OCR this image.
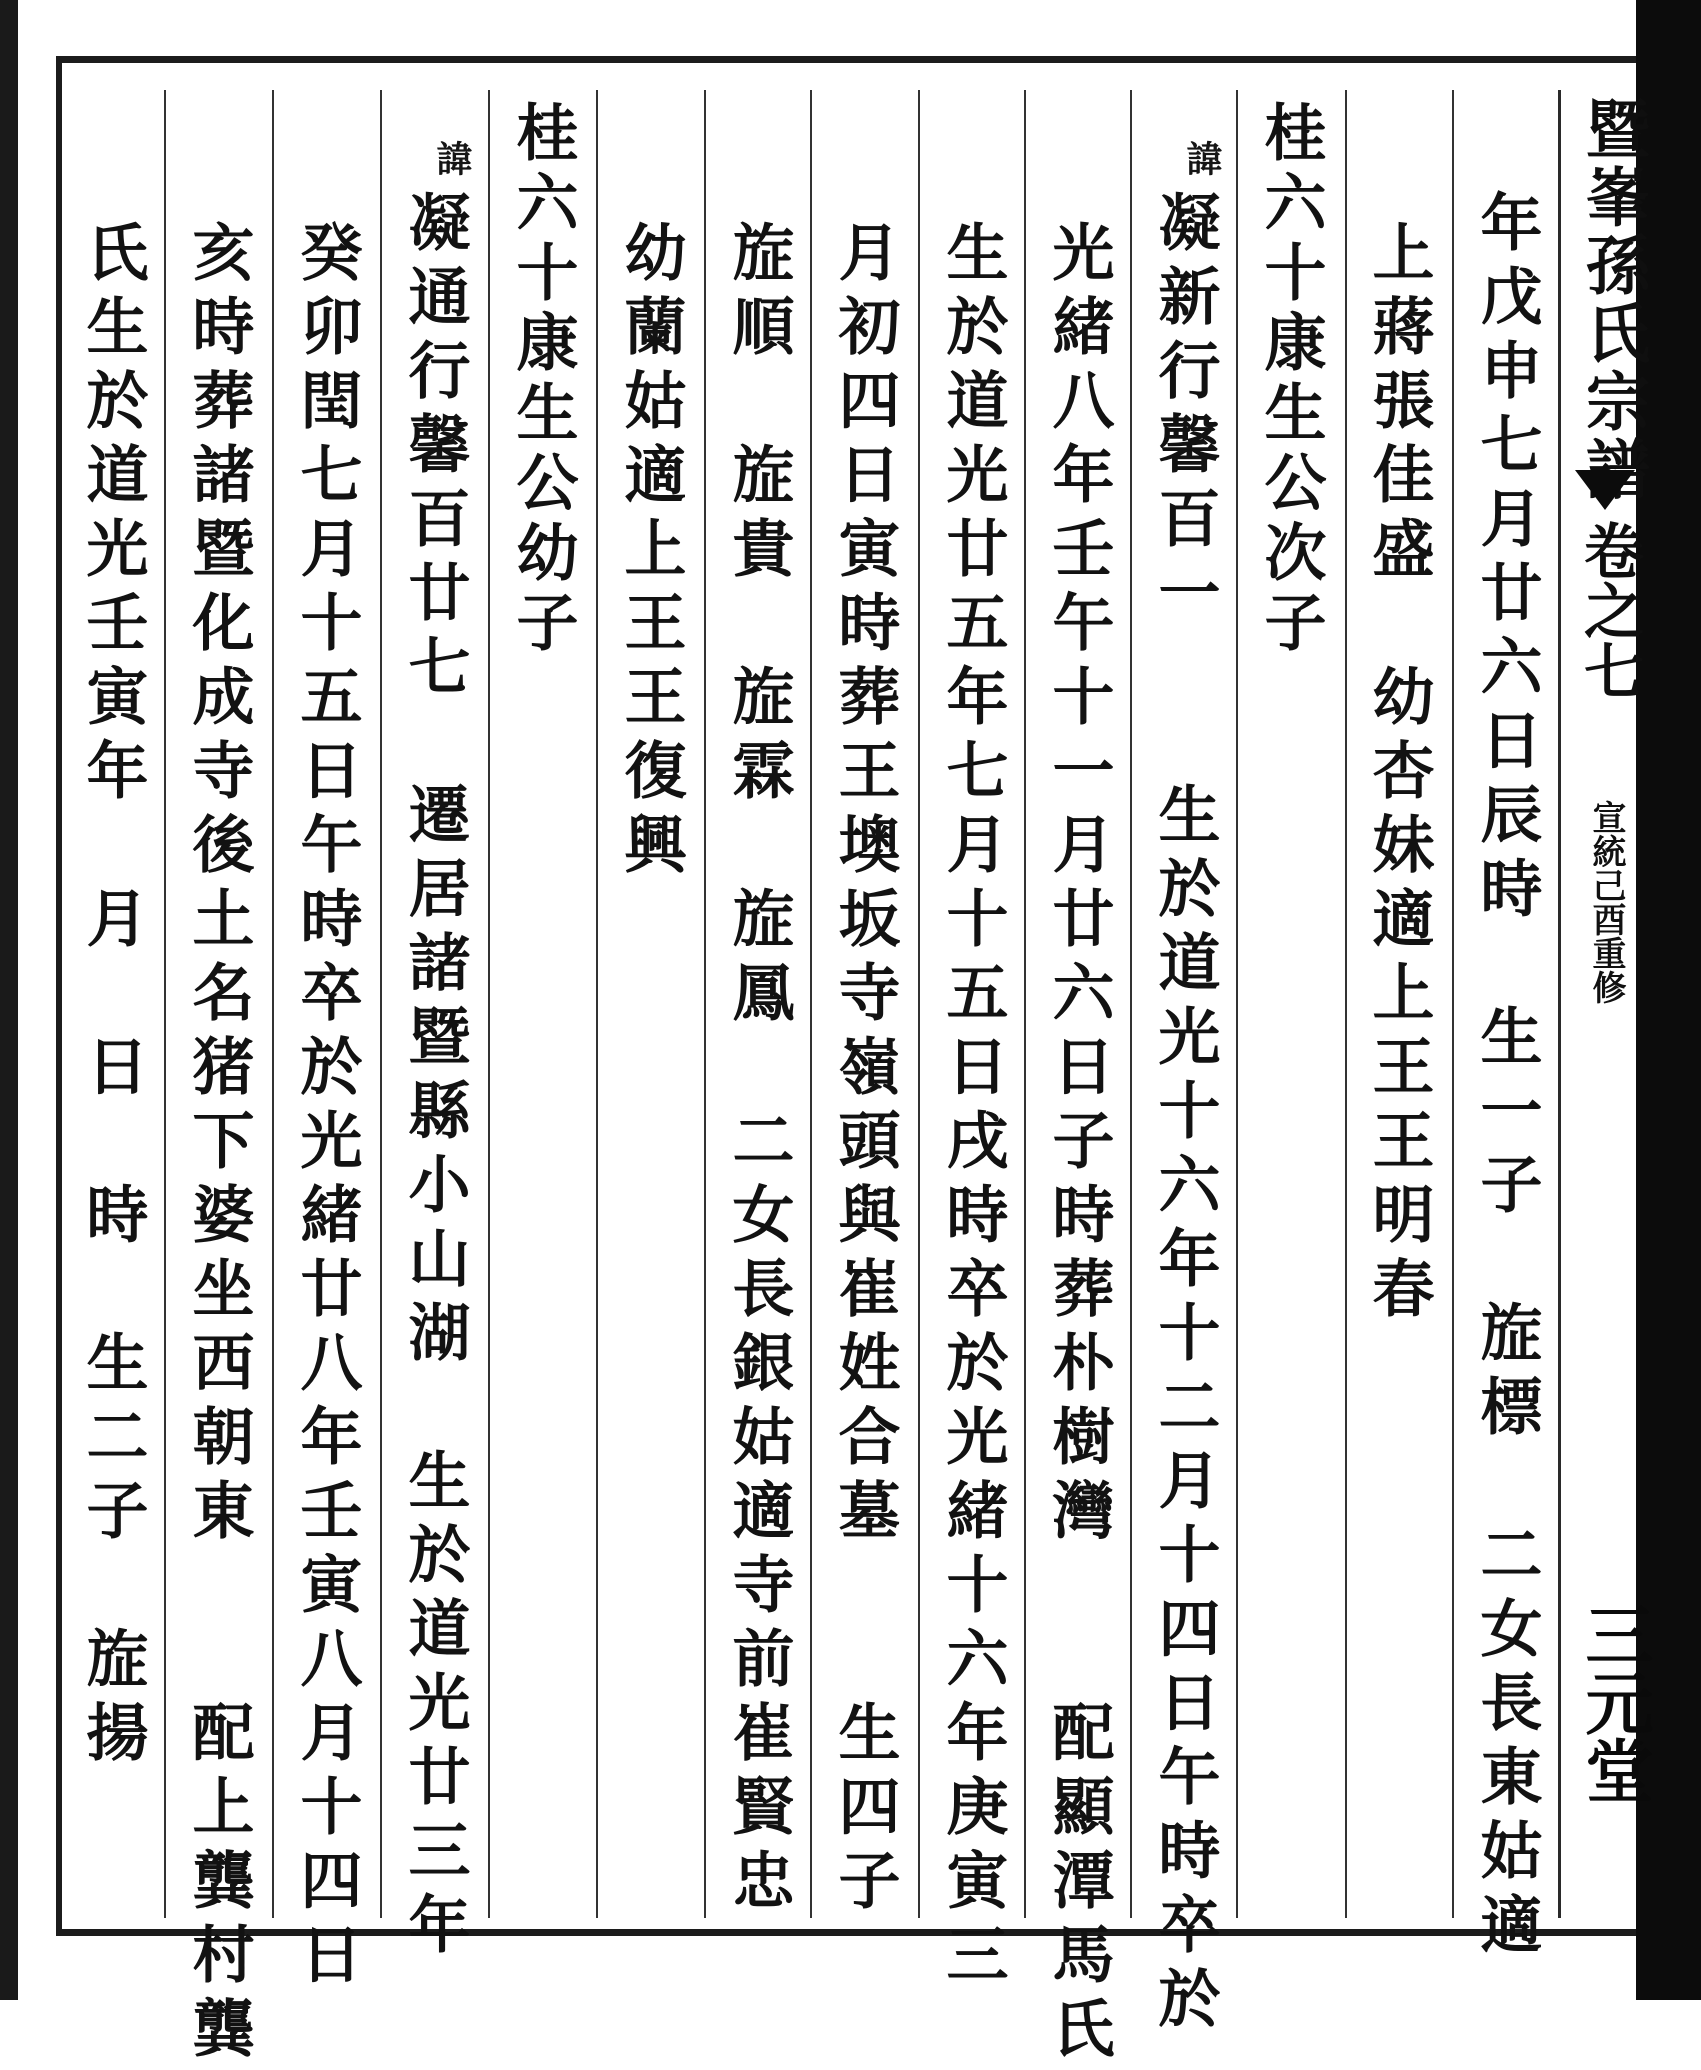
暨峯孫氏宗譜
卷之七
宣統己酉重修
三元堂
年戊申七月廿六日辰時　生一子　㫌標　二女長東姑適
上蔣張佳盛　幼杏妹適上王王明春
桂六十康生公次子
諱
凝新行馨百一　　生於道光十六年十二月十四日午時卒於
光緒八年壬午十一月廿六日子時葬朴樹灣　　配顯潭馬氏
生於道光廿五年七月十五日戌時卒於光緒十六年庚寅三
月初四日寅時葬王墺坂寺嶺頭與崔姓合墓　　生四子
㫌順　㫌貴　㫌霖　㫌鳳　二女長銀姑適寺前崔賢忠
幼蘭姑適上王王復興
桂六十康生公幼子
諱
凝通行馨百廿七　遷居諸暨縣小山湖　生於道光廿三年
癸卯閏七月十五日午時卒於光緒廿八年壬寅八月十四日
亥時葬諸暨化成寺後土名猪下婆坐西朝東　　配上龔村龔
氏生於道光壬寅年　月　日　時　生二子　㫌揚
